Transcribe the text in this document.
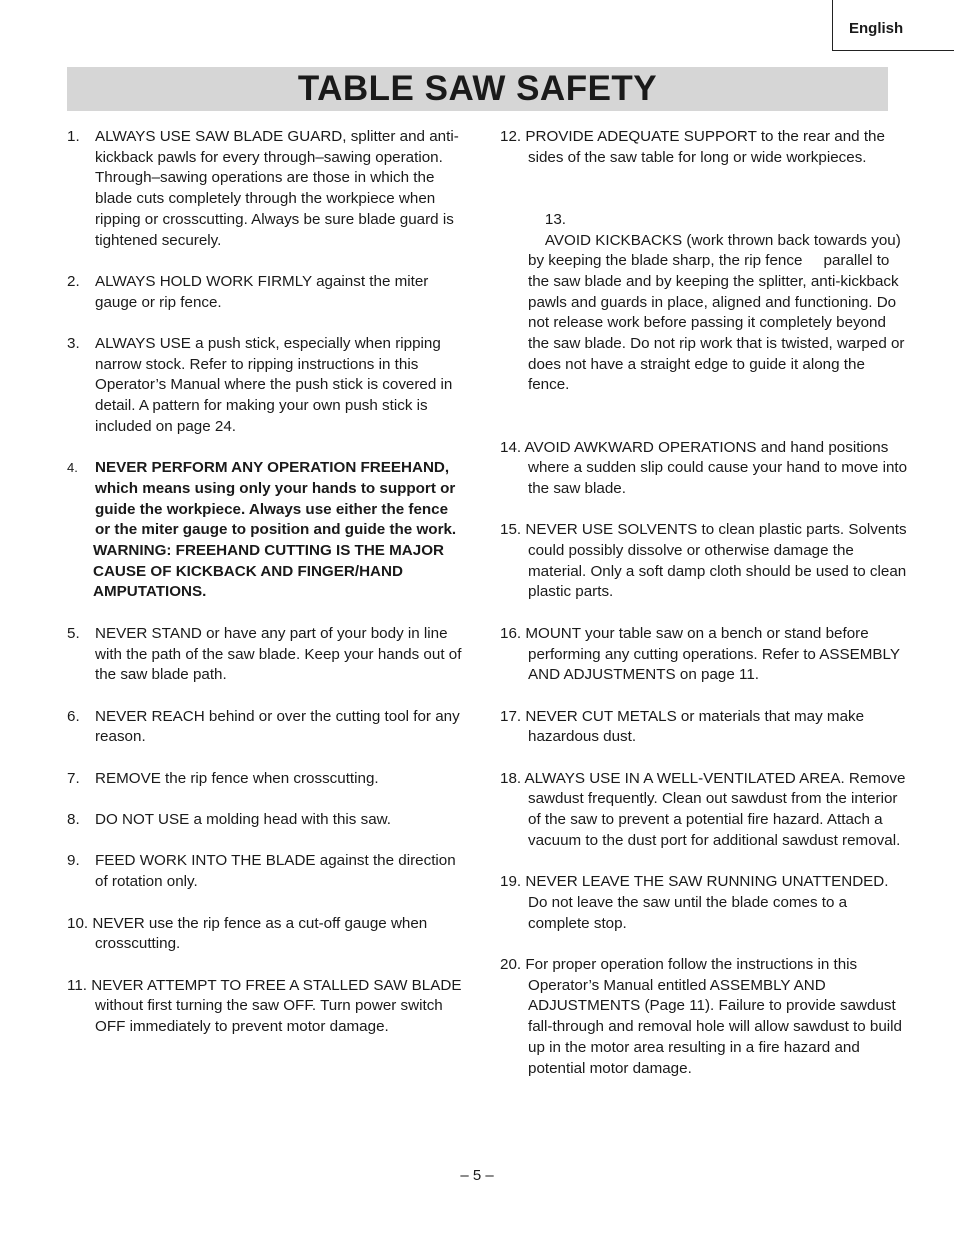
English
TABLE SAW SAFETY
1. ALWAYS USE SAW BLADE GUARD, splitter and anti-kickback pawls for every through–sawing operation. Through–sawing operations are those in which the blade cuts completely through the workpiece when ripping or crosscutting. Always be sure blade guard is tightened securely.
2. ALWAYS HOLD WORK FIRMLY against the miter gauge or rip fence.
3. ALWAYS USE a push stick, especially when ripping narrow stock. Refer to ripping instructions in this Operator’s Manual where the push stick is covered in detail. A pattern for making your own push stick is included on page 24.
4. NEVER PERFORM ANY OPERATION FREEHAND, which means using only your hands to support or guide the workpiece. Always use either the fence or the miter gauge to position and guide the work.
WARNING: FREEHAND CUTTING IS THE MAJOR CAUSE OF KICKBACK AND FINGER/HAND AMPUTATIONS.
5. NEVER STAND or have any part of your body in line with the path of the saw blade. Keep your hands out of the saw blade path.
6. NEVER REACH behind or over the cutting tool for any reason.
7. REMOVE the rip fence when crosscutting.
8. DO NOT USE a molding head with this saw.
9. FEED WORK INTO THE BLADE against the direction of rotation only.
10. NEVER use the rip fence as a cut-off gauge when crosscutting.
11. NEVER ATTEMPT TO FREE A STALLED SAW BLADE without first turning the saw OFF. Turn power switch OFF immediately to prevent motor damage.
12. PROVIDE ADEQUATE SUPPORT to the rear and the sides of the saw table for long or wide workpieces.

13.
AVOID KICKBACKS (work thrown back towards you) by keeping the blade sharp, the rip fence     parallel to the saw blade and by keeping the splitter, anti-kickback pawls and guards in place, aligned and functioning. Do not release work before passing it completely beyond the saw blade. Do not rip work that is twisted, warped or does not have a straight edge to guide it along the fence.

14. AVOID AWKWARD OPERATIONS and hand positions where a sudden slip could cause your hand to move into the saw blade.
15. NEVER USE SOLVENTS to clean plastic parts. Solvents could possibly dissolve or otherwise damage the material. Only a soft damp cloth should be used to clean plastic parts.
16. MOUNT your table saw on a bench or stand before performing any cutting operations. Refer to ASSEMBLY AND ADJUSTMENTS on page 11.
17. NEVER CUT METALS or materials that may make hazardous dust.
18. ALWAYS USE IN A WELL-VENTILATED AREA. Remove sawdust frequently. Clean out sawdust from the interior of the saw to prevent a potential fire hazard. Attach a vacuum to the dust port for additional sawdust removal.
19. NEVER LEAVE THE SAW RUNNING UNATTENDED. Do not leave the saw until the blade comes to a complete stop.
20. For proper operation follow the instructions in this Operator’s Manual entitled ASSEMBLY AND ADJUSTMENTS (Page 11). Failure to provide sawdust fall-through and removal hole will allow sawdust to build up in the motor area resulting in a fire hazard and potential motor damage.
– 5 –
